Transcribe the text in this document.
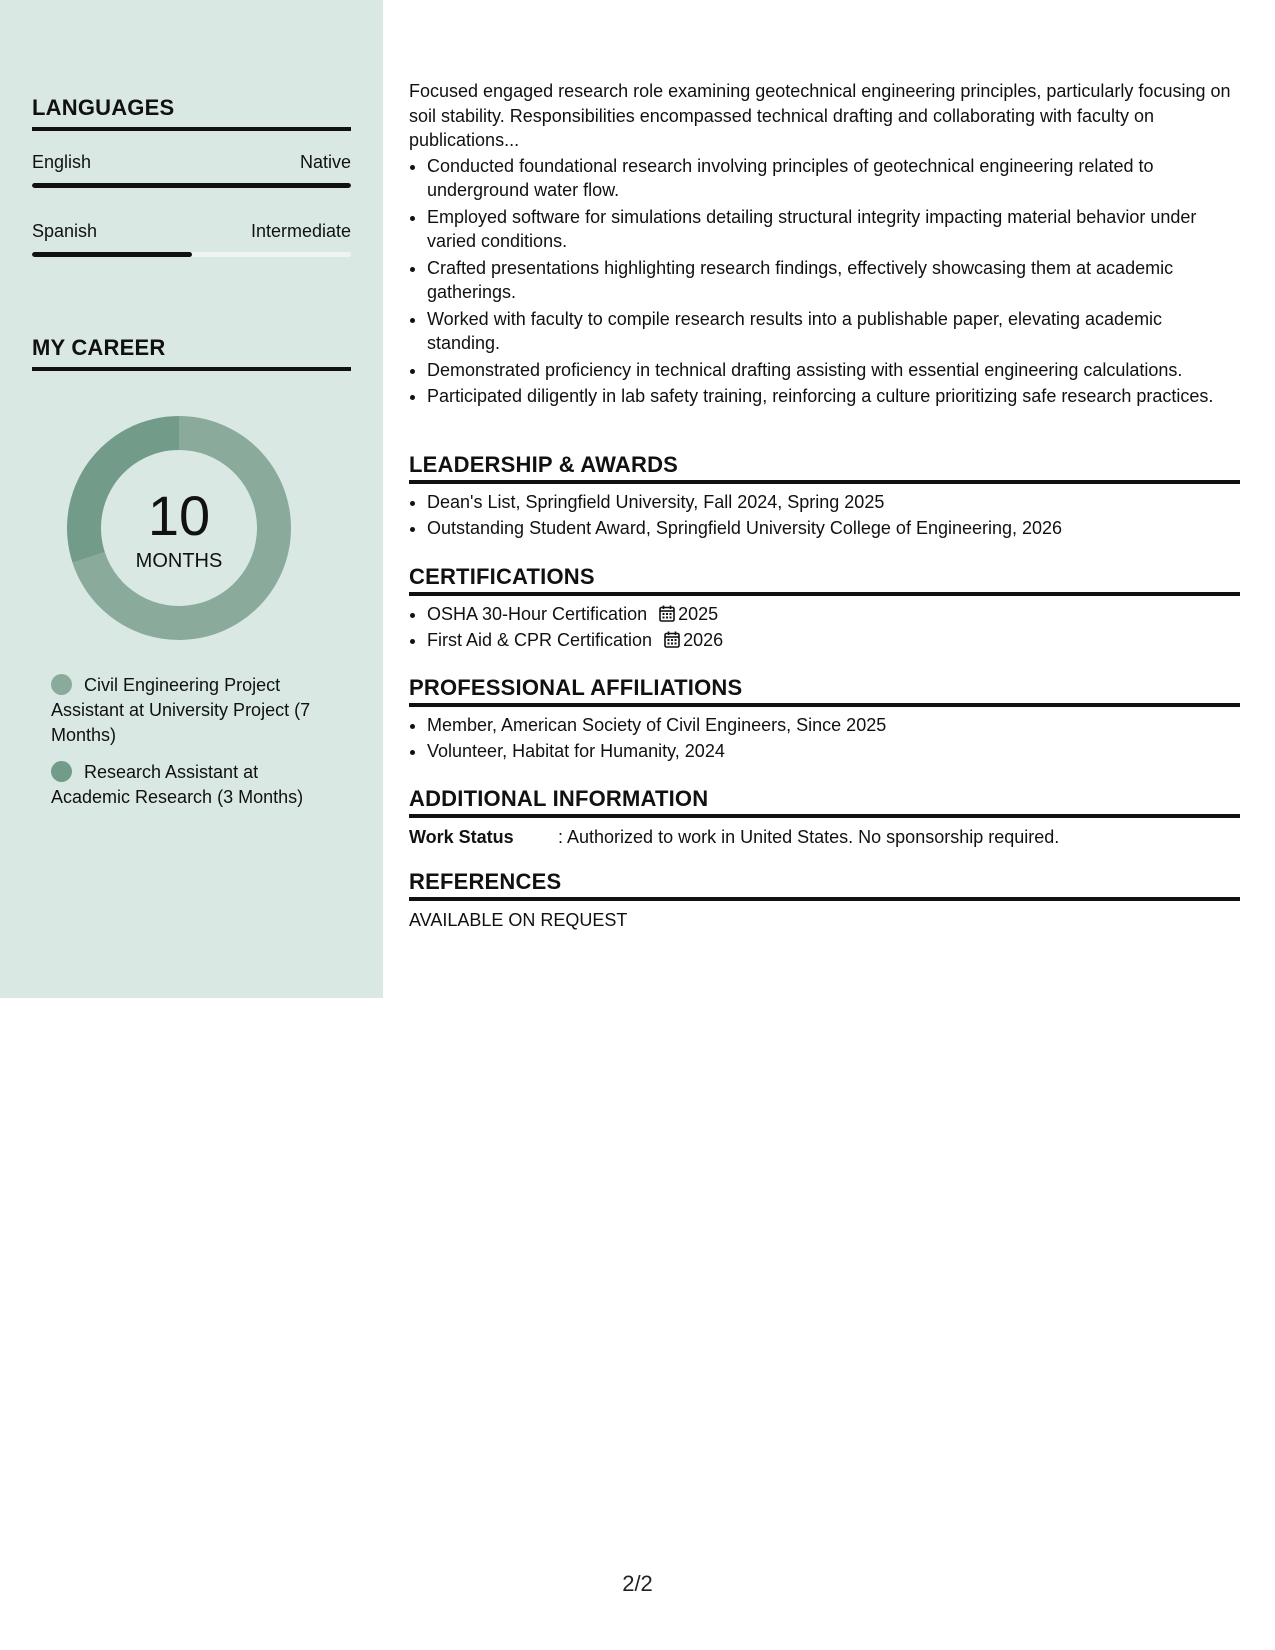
LANGUAGES
English	Native
Spanish	Intermediate
MY CAREER
10
MONTHS
Civil Engineering Project Assistant at University Project (7 Months)
Research Assistant at Academic Research (3 Months)
Focused engaged research role examining geotechnical engineering principles, particularly focusing on soil stability. Responsibilities encompassed technical drafting and collaborating with faculty on publications...
• Conducted foundational research involving principles of geotechnical engineering related to underground water flow.
• Employed software for simulations detailing structural integrity impacting material behavior under varied conditions.
• Crafted presentations highlighting research findings, effectively showcasing them at academic gatherings.
• Worked with faculty to compile research results into a publishable paper, elevating academic standing.
• Demonstrated proficiency in technical drafting assisting with essential engineering calculations.
• Participated diligently in lab safety training, reinforcing a culture prioritizing safe research practices.
LEADERSHIP & AWARDS
• Dean's List, Springfield University, Fall 2024, Spring 2025
• Outstanding Student Award, Springfield University College of Engineering, 2026
CERTIFICATIONS
• OSHA 30-Hour Certification 2025
• First Aid & CPR Certification 2026
PROFESSIONAL AFFILIATIONS
• Member, American Society of Civil Engineers, Since 2025
• Volunteer, Habitat for Humanity, 2024
ADDITIONAL INFORMATION
Work Status : Authorized to work in United States. No sponsorship required.
REFERENCES
AVAILABLE ON REQUEST
2/2
